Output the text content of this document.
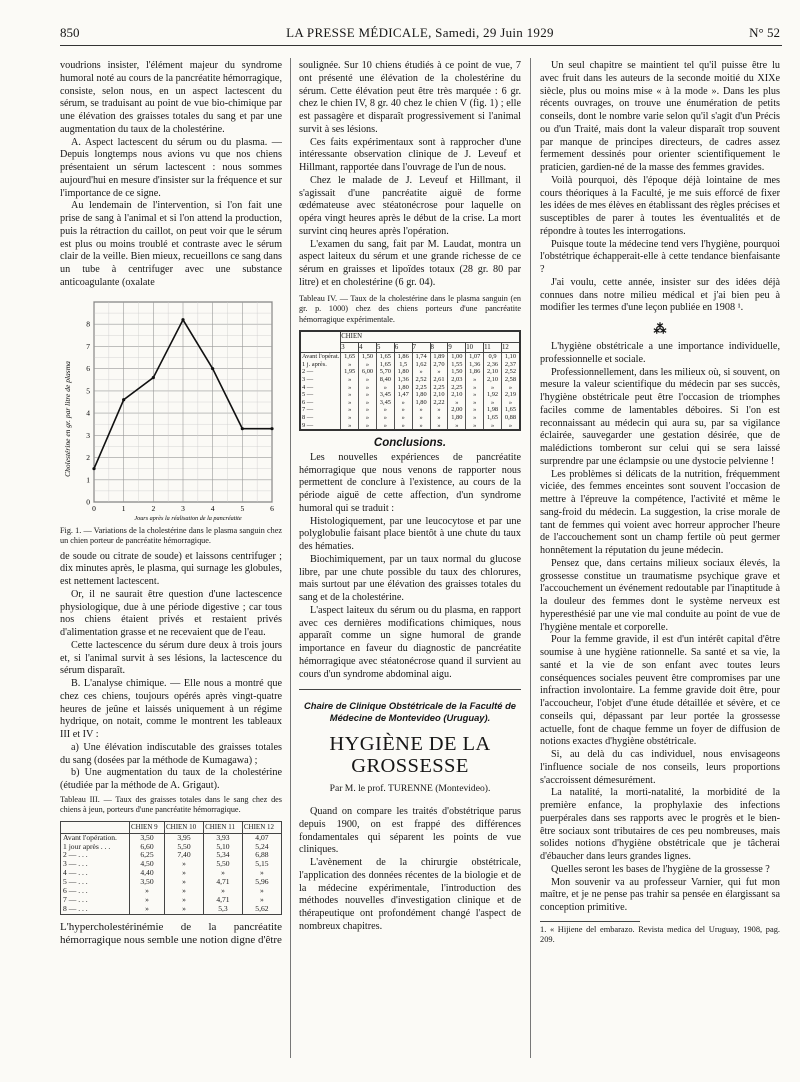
850	LA PRESSE MÉDICALE, Samedi, 29 Juin 1929	N° 52

voudrions insister, l'élément majeur du syndrome humoral noté au cours de la pancréatite hémorragique, consiste, selon nous, en un aspect lactescent du sérum, se traduisant au point de vue bio-chimique par une élévation des graisses totales du sang et par une augmentation du taux de la cholestérine.

A. Aspect lactescent du sérum ou du plasma. — Depuis longtemps nous avions vu que nos chiens présentaient un sérum lactescent : nous sommes aujourd'hui en mesure d'insister sur la fréquence et sur l'importance de ce signe.

Au lendemain de l'intervention, si l'on fait une prise de sang à l'animal et si l'on attend la production, puis la rétraction du caillot, on peut voir que le sérum est plus ou moins troublé et contraste avec le sérum clair de la veille. Bien mieux, recueillons ce sang dans un tube à centrifuger avec une substance anticoagulante (oxalate

0
1
2
3
4
5
6
7
8
0	1	2	3	4	5	6
Cholestérine en gr. par litre de plasma
Jours après la réalisation de la pancréatite
Fig. 1. — Variations de la cholestérine dans le plasma sanguin chez un chien porteur de pancréatite hémorragique.

de soude ou citrate de soude) et laissons centrifuger ; dix minutes après, le plasma, qui surnage les globules, est nettement lactescent.

Or, il ne saurait être question d'une lactescence physiologique, due à une période digestive ; car tous nos chiens étaient privés et restaient privés d'alimentation grasse et ne recevaient que de l'eau.

Cette lactescence du sérum dure deux à trois jours et, si l'animal survit à ses lésions, la lactescence du sérum disparaît.

B. L'analyse chimique. — Elle nous a montré que chez ces chiens, toujours opérés après vingt-quatre heures de jeûne et laissés uniquement à un régime hydrique, on notait, comme le montrent les tableaux III et IV :

a) Une élévation indiscutable des graisses totales du sang (dosées par la méthode de Kumagawa) ;

b) Une augmentation du taux de la cholestérine (étudiée par la méthode de A. Grigaut).

Tableau III. — Taux des graisses totales dans le sang chez des chiens à jeun, porteurs d'une pancréatite hémorragique.
	CHIEN 9	CHIEN 10	CHIEN 11	CHIEN 12
Avant l'opération.	3,50	3,95	3,93	4,07
1 jour après . . .	6,60	5,50	5,10	5,24
2 — . . .	6,25	7,40	5,34	6,88
3 — . . .	4,50	»	5,50	5,15
4 — . . .	4,40	»	»	»
5 — . . .	3,50	»	4,71	5,96
6 — . . .	»	»	»	»
7 — . . .	»	»	4,71	»
8 — . . .	»	»	5,3	5,62

L'hypercholestérinémie de la pancréatite hémorragique nous semble une notion digne d'être

soulignée. Sur 10 chiens étudiés à ce point de vue, 7 ont présenté une élévation de la cholestérine du sérum. Cette élévation peut être très marquée : 6 gr. chez le chien IV, 8 gr. 40 chez le chien V (fig. 1) ; elle est passagère et disparaît progressivement si l'animal survit à ses lésions.

Ces faits expérimentaux sont à rapprocher d'une intéressante observation clinique de J. Leveuf et Hillmant, rapportée dans l'ouvrage de l'un de nous.

Chez le malade de J. Leveuf et Hillmant, il s'agissait d'une pancréatite aiguë de forme œdémateuse avec stéatonécrose pour laquelle on opéra vingt heures après le début de la crise. La mort survint cinq heures après l'opération.

L'examen du sang, fait par M. Laudat, montra un aspect laiteux du sérum et une grande richesse de ce sérum en graisses et lipoïdes totaux (28 gr. 80 par litre) et en cholestérine (6 gr. 04).

Tableau IV. — Taux de la cholestérine dans le plasma sanguin (en gr. p. 1000) chez des chiens porteurs d'une pancréatite hémorragique expérimentale.
	CHIEN									
	3	4	5	6	7	8	9	10	11	12
Avant l'opérat.	1,65	1,50	1,65	1,86	1,74	1,89	1,00	1,07	0,9	1,10
1 j. après.	»	»	1,65	1,5	1,62	2,70	1,55	1,36	2,36	2,37
2 —	1,95	6,00	5,70	1,80	»	»	1,50	1,86	2,10	2,52
3 —	»	»	8,40	1,36	2,52	2,61	2,03	»	2,10	2,58
4 —	»	»	»	1,80	2,25	2,25	2,25	»	»	»
5 —	»	»	3,45	1,47	1,80	2,10	2,10	»	1,92	2,19
6 —	»	»	3,45	»	1,80	2,22	»	»	»	»
7 —	»	»	»	»	»	»	2,00	»	1,98	1,65
8 —	»	»	»	»	»	»	1,80	»	1,65	0,88
9 —	»	»	»	»	»	»	»	»	»	»
Conclusions.

Les nouvelles expériences de pancréatite hémorragique que nous venons de rapporter nous permettent de conclure à l'existence, au cours de la période aiguë de cette affection, d'un syndrome humoral qui se traduit :

Histologiquement, par une leucocytose et par une polyglobulie faisant place bientôt à une chute du taux des hématies.

Biochimiquement, par un taux normal du glucose libre, par une chute possible du taux des chlorures, mais surtout par une élévation des graisses totales du sang et de la cholestérine.

L'aspect laiteux du sérum ou du plasma, en rapport avec ces dernières modifications chimiques, nous apparaît comme un signe humoral de grande importance en faveur du diagnostic de pancréatite hémorragique avec stéatonécrose quand il survient au cours d'un syndrome abdominal aigu.

Chaire de Clinique Obstétricale de la Faculté de Médecine de Montevideo (Uruguay).
HYGIÈNE DE LA GROSSESSE
Par M. le prof. TURENNE (Montevideo).

Quand on compare les traités d'obstétrique parus depuis 1900, on est frappé des différences fondamentales qui séparent les points de vue cliniques.

L'avènement de la chirurgie obstétricale, l'application des données récentes de la biologie et de la médecine expérimentale, l'introduction des méthodes nouvelles d'investigation clinique et de thérapeutique ont profondément changé l'aspect de nombreux chapitres.

Un seul chapitre se maintient tel qu'il puisse être lu avec fruit dans les auteurs de la seconde moitié du XIXe siècle, plus ou moins mise « à la mode ». Dans les plus récents ouvrages, on trouve une énumération de petits conseils, dont le nombre varie selon qu'il s'agit d'un Précis ou d'un Traité, mais dont la valeur disparaît trop souvent par manque de principes directeurs, de cadres assez fermement dessinés pour orienter scientifiquement le praticien, gardien-né de la masse des femmes gravides.

Voilà pourquoi, dès l'époque déjà lointaine de mes cours théoriques à la Faculté, je me suis efforcé de fixer les idées de mes élèves en établissant des règles précises et susceptibles de parer à toutes les éventualités et de répondre à toutes les interrogations.

Puisque toute la médecine tend vers l'hygiène, pourquoi l'obstétrique échapperait-elle à cette tendance bienfaisante ?

J'ai voulu, cette année, insister sur des idées déjà connues dans notre milieu médical et j'ai bien peu à modifier les termes d'une leçon publiée en 1908 ¹.

⁂

L'hygiène obstétricale a une importance individuelle, professionnelle et sociale.

Professionnellement, dans les milieux où, si souvent, on mesure la valeur scientifique du médecin par ses succès, l'hygiène obstétricale peut être l'occasion de triomphes faciles comme de lamentables déboires. Si l'on est reconnaissant au médecin qui aura su, par sa vigilance éclairée, sauvegarder une gestation désirée, que de malédictions tomberont sur celui qui se sera laissé surprendre par une éclampsie ou une dystocie pelvienne !

Les problèmes si délicats de la nutrition, fréquemment viciée, des femmes enceintes sont souvent l'occasion de mettre à l'épreuve la compétence, l'activité et même le sang-froid du médecin. La suggestion, la crise morale de tant de femmes qui voient avec horreur approcher l'heure de l'accouchement sont un champ fertile où peut germer honnêtement la réputation du jeune médecin.

Pensez que, dans certains milieux sociaux élevés, la grossesse constitue un traumatisme psychique grave et l'accouchement un événement redoutable par l'inaptitude à la douleur des femmes dont le système nerveux est hyperesthésié par une vie mal conduite au point de vue de l'hygiène mentale et corporelle.

Pour la femme gravide, il est d'un intérêt capital d'être soumise à une hygiène rationnelle. Sa santé et sa vie, la santé et la vie de son enfant avec toutes leurs conséquences sociales peuvent être compromises par une infraction involontaire. La femme gravide doit être, pour l'accoucheur, l'objet d'une étude détaillée et sévère, et ce conseils qui, dépassant par leur portée la grossesse actuelle, font de chaque femme un foyer de diffusion de notions exactes d'hygiène obstétricale.

Si, au delà du cas individuel, nous envisageons l'influence sociale de nos conseils, leurs proportions s'accroissent démesurément.

La natalité, la morti-natalité, la morbidité de la première enfance, la prophylaxie des infections puerpérales dans ses rapports avec le progrès et le bien-être sociaux sont tributaires de ces peu nombreuses, mais solides notions d'hygiène obstétricale que je tâcherai d'ébaucher dans leurs grandes lignes.

Quelles seront les bases de l'hygiène de la grossesse ?

Mon souvenir va au professeur Varnier, qui fut mon maître, et je ne pense pas trahir sa pensée en élargissant sa conception primitive.

1. « Hijiene del embarazo. Revista medica del Uruguay, 1908, pag. 209.
